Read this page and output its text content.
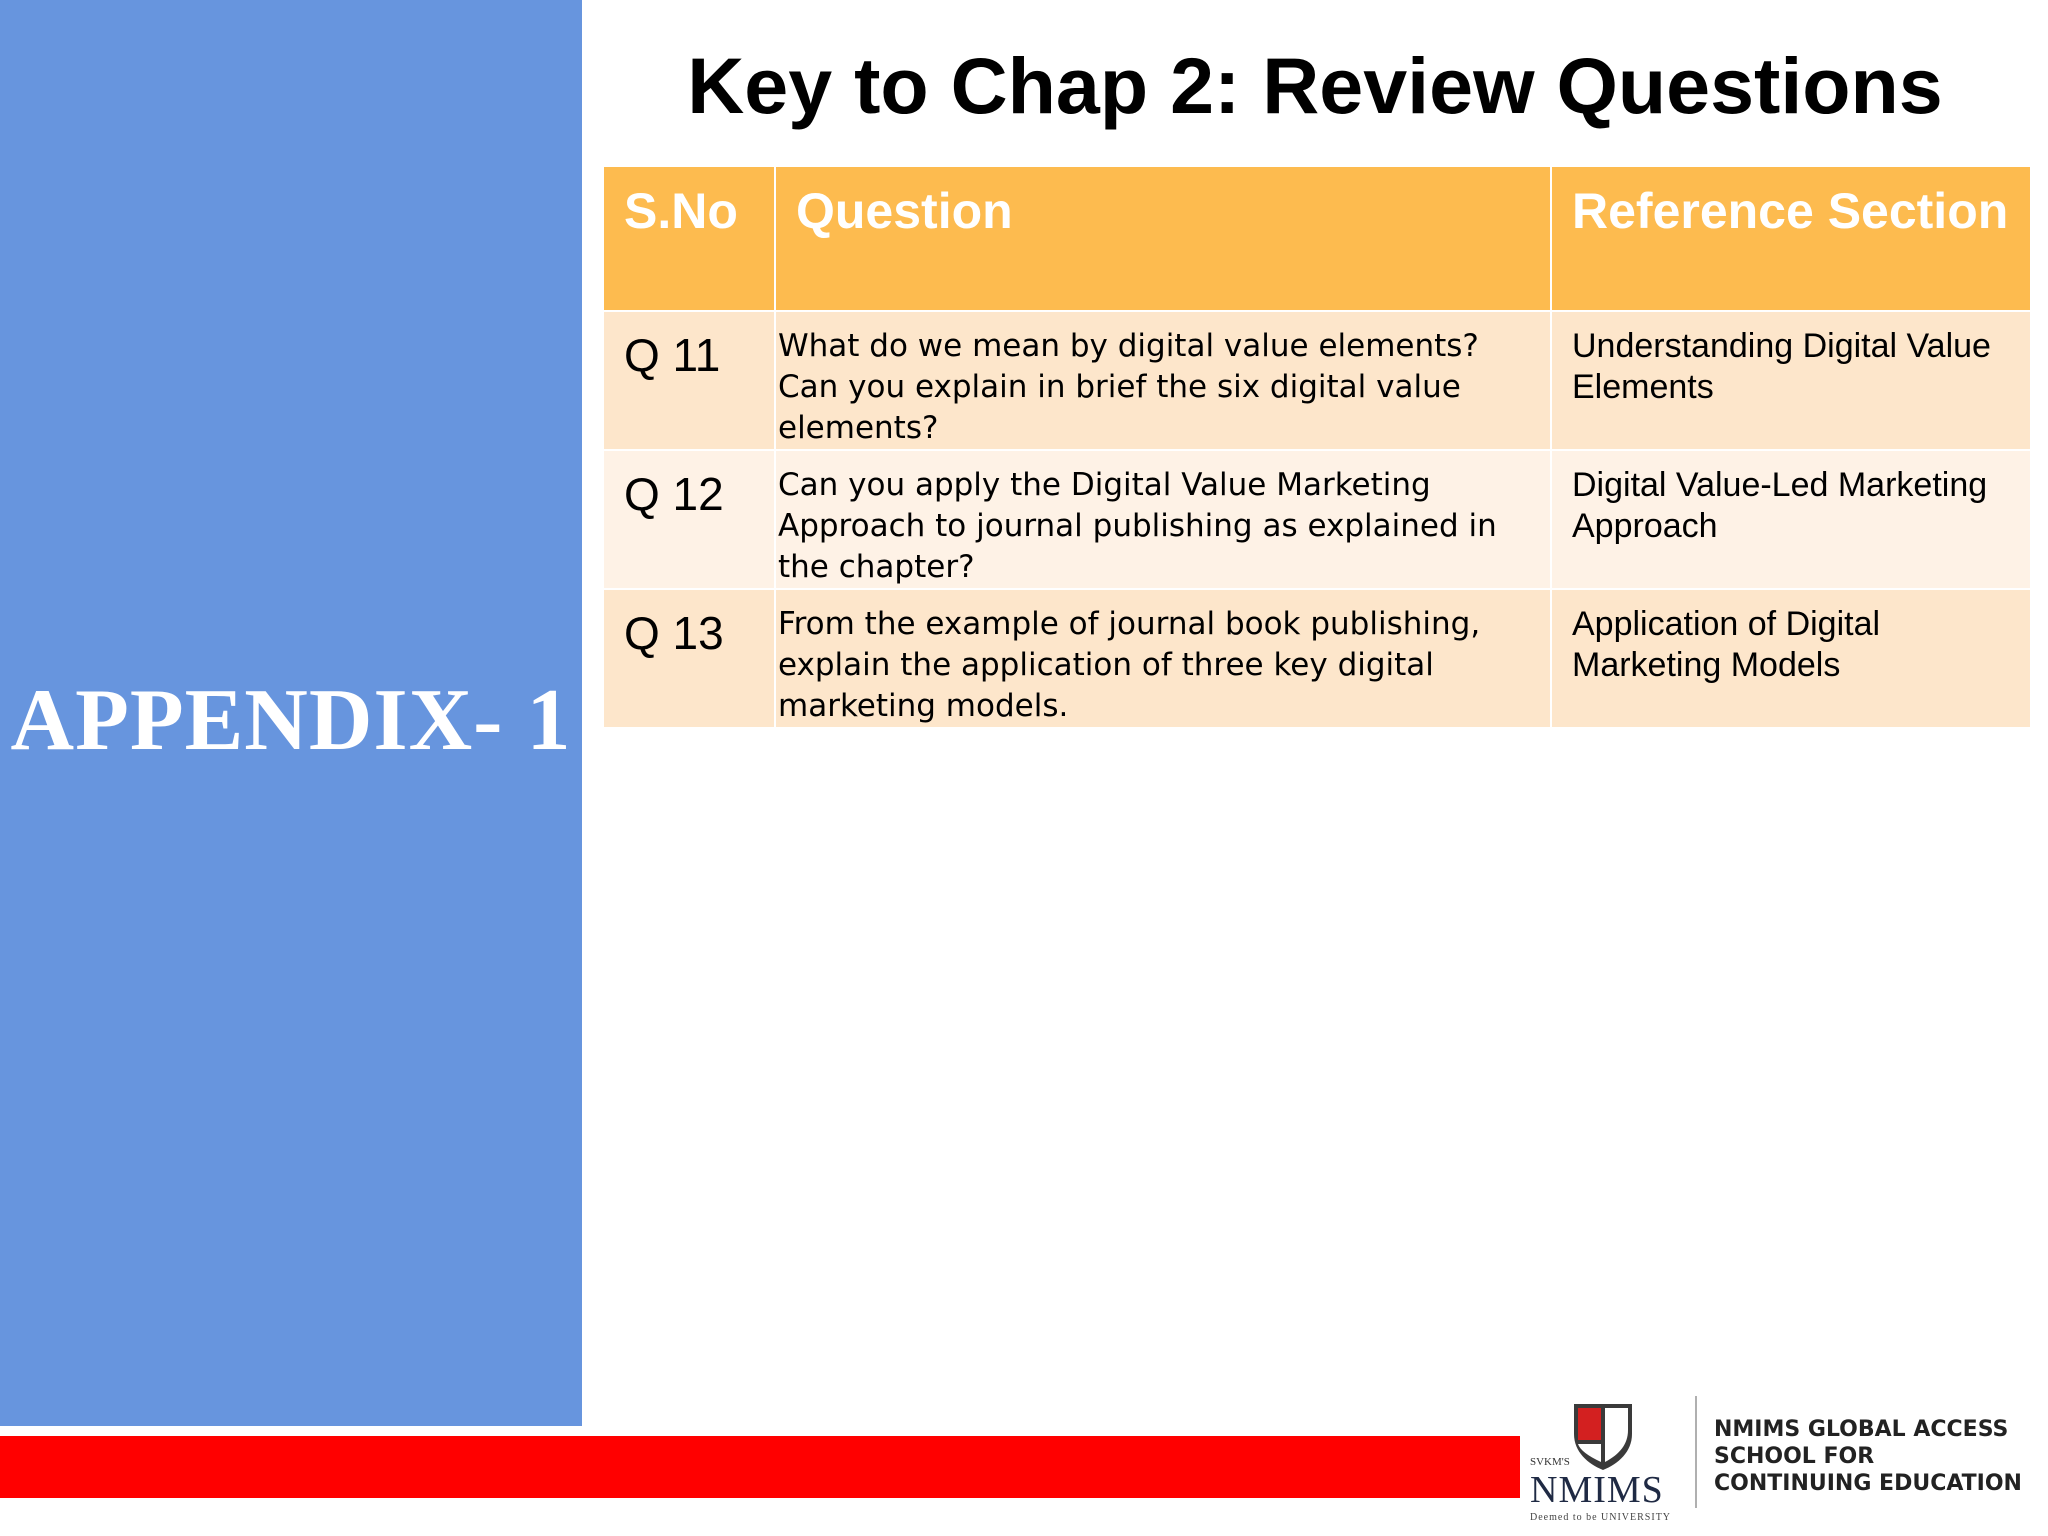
APPENDIX- 1
Key to Chap 2: Review Questions
S.No	Question	Reference Section
Q 11	What do we mean by digital value elements? Can you explain in brief the six digital value elements?	Understanding Digital Value Elements
Q 12	Can you apply the Digital Value Marketing Approach to journal publishing as explained in the chapter?	Digital Value-Led Marketing Approach
Q 13	From the example of journal book publishing, explain the application of three key digital marketing models.	Application of Digital Marketing Models
SVKM'S
NMIMS
Deemed to be UNIVERSITY
NMIMS GLOBAL ACCESS
SCHOOL FOR
CONTINUING EDUCATION
